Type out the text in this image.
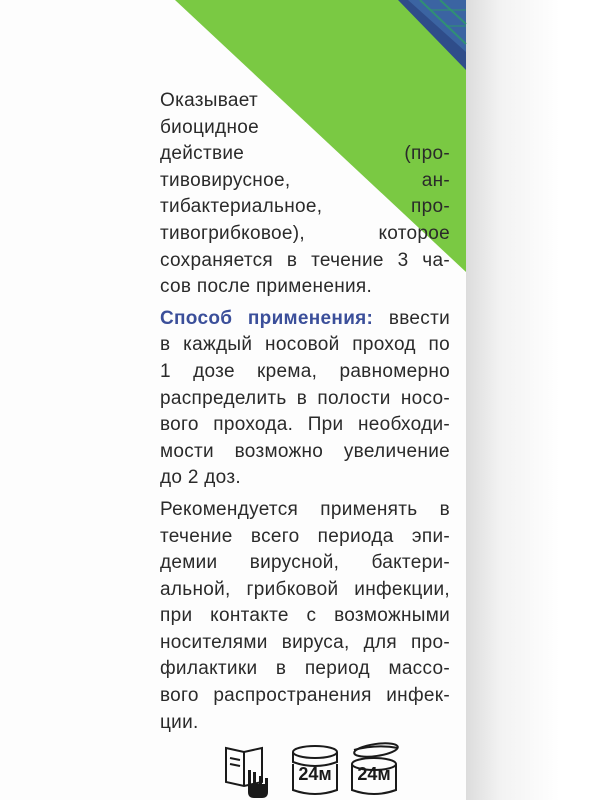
Оказывает
биоцидное
действие (про-
тивовирусное, ан-
тибактериальное, про-
тивогрибковое), которое
сохраняется в течение 3 ча-
сов после применения.
Способ применения: ввести
в каждый носовой проход по
1 дозе крема, равномерно
распределить в полости носо-
вого прохода. При необходи-
мости возможно увеличение
до 2 доз.
Рекомендуется применять в
течение всего периода эпи-
демии вирусной, бактери-
альной, грибковой инфекции,
при контакте с возможными
носителями вируса, для про-
филактики в период массо-
вого распространения инфек-
ции.
24м 24м
